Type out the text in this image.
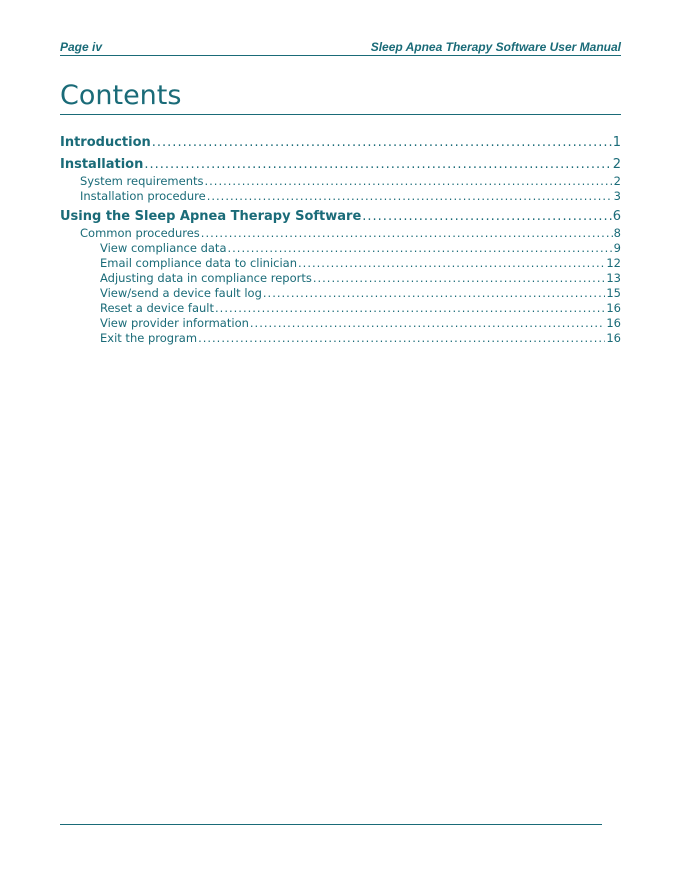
Page iv	Sleep Apnea Therapy Software User Manual
Contents
Introduction .....	1
Installation .....	2
System requirements .....	2
Installation procedure .....	3
Using the Sleep Apnea Therapy Software .....	6
Common procedures .....	8
View compliance data .....	9
Email compliance data to clinician .....	12
Adjusting data in compliance reports .....	13
View/send a device fault log .....	15
Reset a device fault .....	16
View provider information .....	16
Exit the program .....	16
